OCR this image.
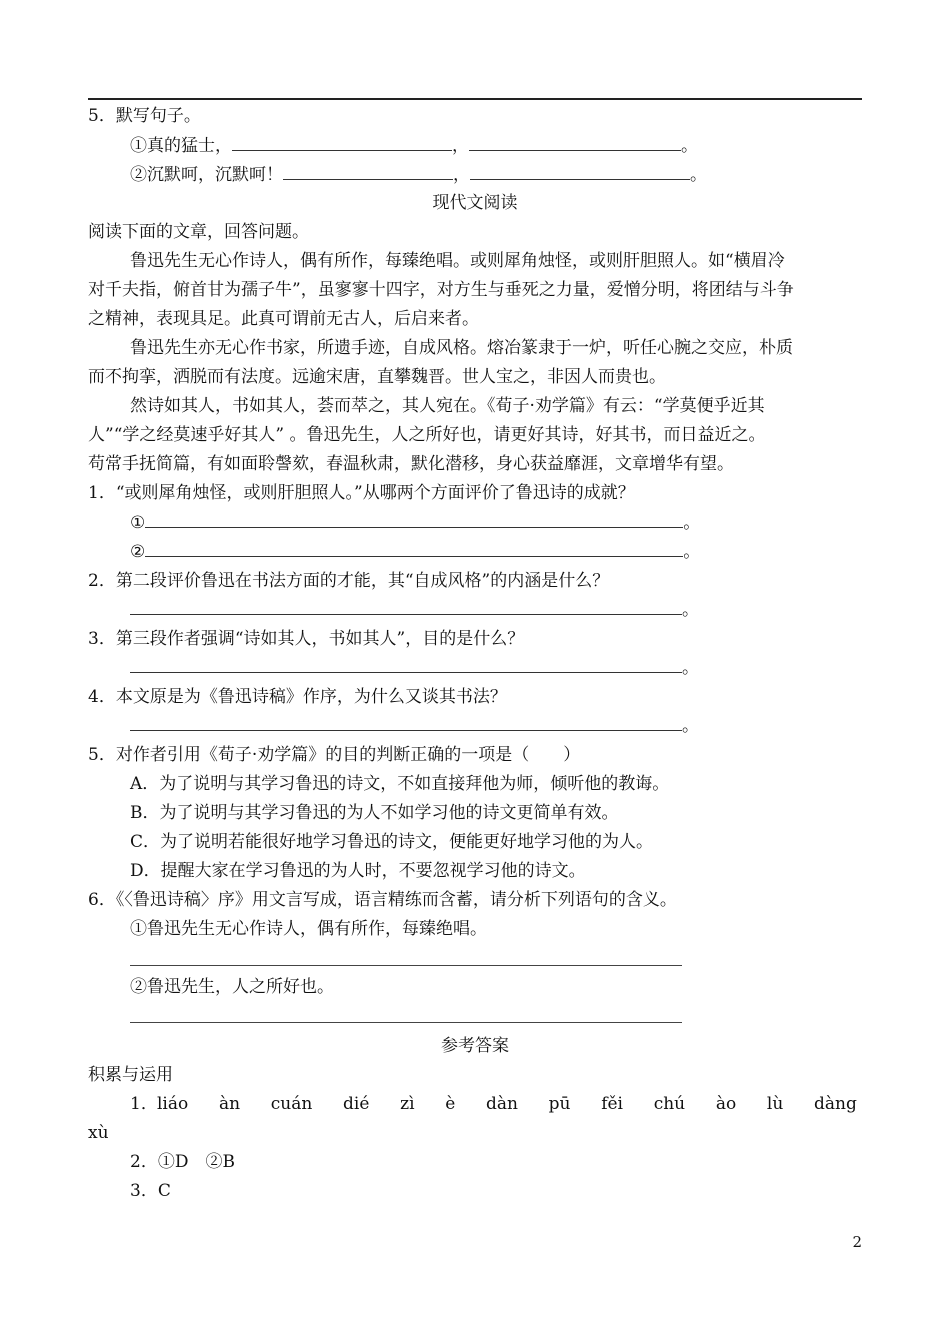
5．默写句子。
①真的猛士，	，	。
②沉默呵，沉默呵！	，	。
现代文阅读
阅读下面的文章，回答问题。
鲁迅先生无心作诗人，偶有所作，每臻绝唱。或则犀角烛怪，或则肝胆照人。如“横眉冷
对千夫指，俯首甘为孺子牛”，虽寥寥十四字，对方生与垂死之力量，爱憎分明，将团结与斗争
之精神，表现具足。此真可谓前无古人，后启来者。
鲁迅先生亦无心作书家，所遗手迹，自成风格。熔冶篆隶于一炉，听任心腕之交应，朴质
而不拘挛，洒脱而有法度。远逾宋唐，直攀魏晋。世人宝之，非因人而贵也。
然诗如其人，书如其人，荟而萃之，其人宛在。《荀子·劝学篇》有云：“学莫便乎近其
人”“学之经莫速乎好其人” 。鲁迅先生，人之所好也，请更好其诗，好其书，而日益近之。
苟常手抚简篇，有如面聆謦欬，春温秋肃，默化潜移，身心获益靡涯，文章增华有望。
1．“或则犀角烛怪，或则肝胆照人。”从哪两个方面评价了鲁迅诗的成就？
①	。
②	。
2．第二段评价鲁迅在书法方面的才能，其“自成风格”的内涵是什么？
。
3．第三段作者强调“诗如其人，书如其人”，目的是什么？
。
4．本文原是为《鲁迅诗稿》作序，为什么又谈其书法？
。
5．对作者引用《荀子·劝学篇》的目的判断正确的一项是（　　）
A．为了说明与其学习鲁迅的诗文，不如直接拜他为师，倾听他的教诲。
B．为了说明与其学习鲁迅的为人不如学习他的诗文更简单有效。
C．为了说明若能很好地学习鲁迅的诗文，便能更好地学习他的为人。
D．提醒大家在学习鲁迅的为人时，不要忽视学习他的诗文。
6．《〈鲁迅诗稿〉序》用文言写成，语言精练而含蓄，请分析下列语句的含义。
①鲁迅先生无心作诗人，偶有所作，每臻绝唱。
②鲁迅先生，人之所好也。
参考答案
积累与运用
1． liáo àn cuán dié zì è dàn pū fěi chú ào lù dàng
xù
2．①D　②B
3．C
2
